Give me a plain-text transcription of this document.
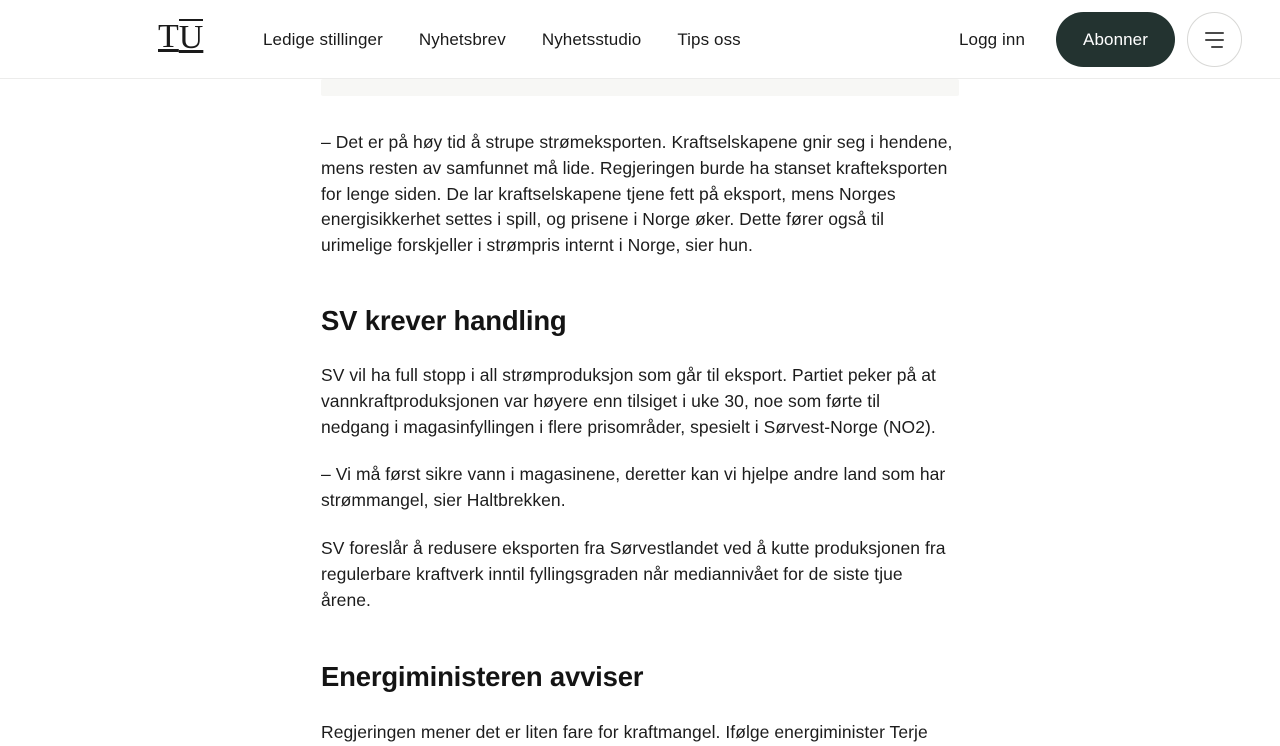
T U	Ledige stillinger Nyhetsbrev Nyhetsstudio Tips oss	Logg inn	Abonner

– Det er på høy tid å strupe strømeksporten. Kraftselskapene gnir seg i hendene, mens resten av samfunnet må lide. Regjeringen burde ha stanset krafteksporten for lenge siden. De lar kraftselskapene tjene fett på eksport, mens Norges energisikkerhet settes i spill, og prisene i Norge øker. Dette fører også til urimelige forskjeller i strømpris internt i Norge, sier hun.

SV krever handling

SV vil ha full stopp i all strømproduksjon som går til eksport. Partiet peker på at vannkraftproduksjonen var høyere enn tilsiget i uke 30, noe som førte til nedgang i magasinfyllingen i flere prisområder, spesielt i Sørvest-Norge (NO2).

– Vi må først sikre vann i magasinene, deretter kan vi hjelpe andre land som har strømmangel, sier Haltbrekken.

SV foreslår å redusere eksporten fra Sørvestlandet ved å kutte produksjonen fra regulerbare kraftverk inntil fyllingsgraden når mediannivået for de siste tjue årene.

Energiministeren avviser

Regjeringen mener det er liten fare for kraftmangel. Ifølge energiminister Terje
